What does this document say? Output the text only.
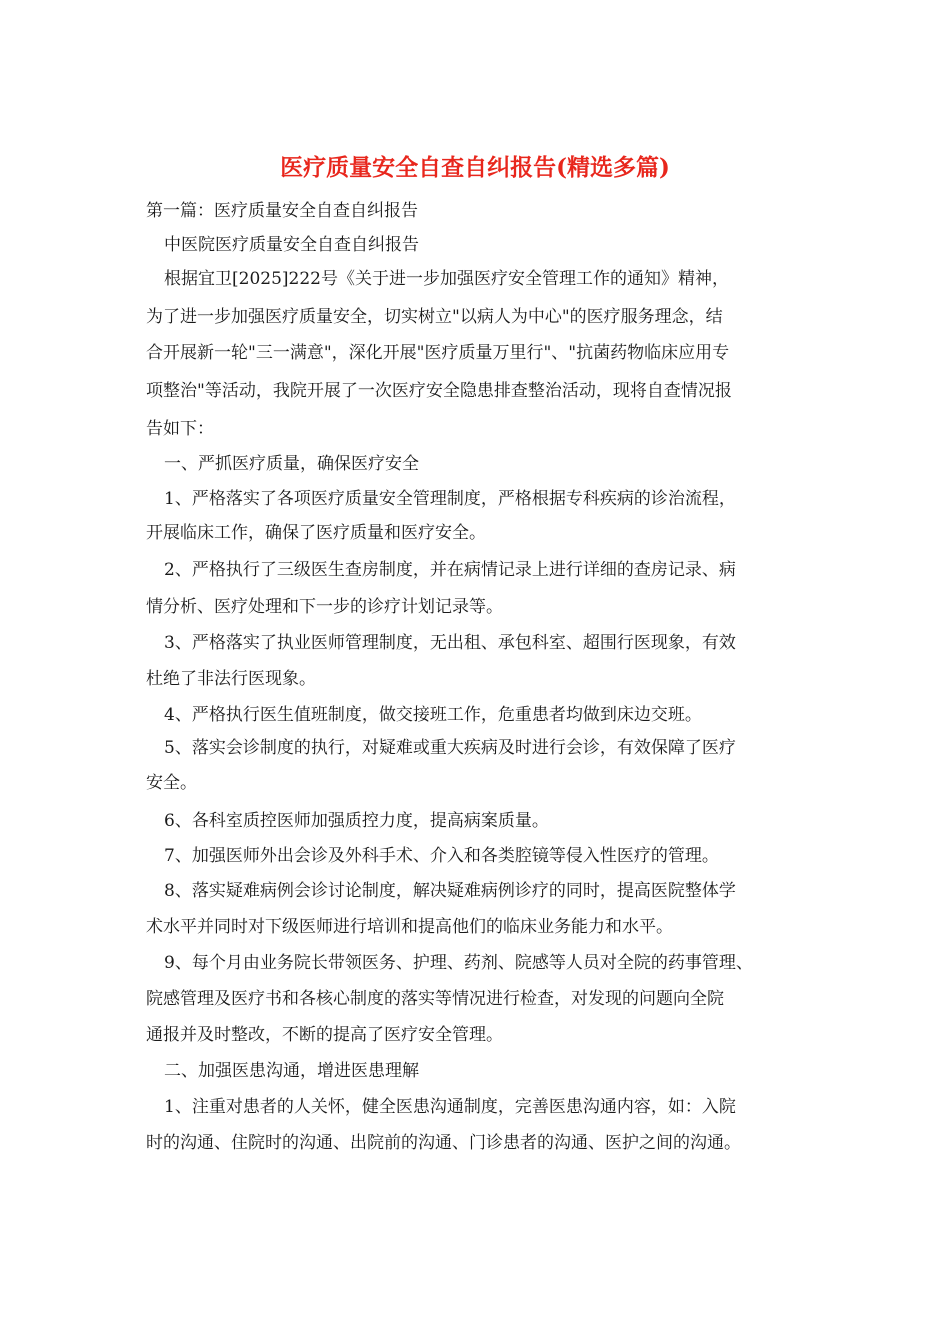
医疗质量安全自查自纠报告(精选多篇)
第一篇：医疗质量安全自查自纠报告
中医院医疗质量安全自查自纠报告
根据宜卫[2025]222号《关于进一步加强医疗安全管理工作的通知》精神，
为了进一步加强医疗质量安全，切实树立"以病人为中心"的医疗服务理念，结
合开展新一轮"三一满意"，深化开展"医疗质量万里行"、"抗菌药物临床应用专
项整治"等活动，我院开展了一次医疗安全隐患排查整治活动，现将自查情况报
告如下：
一、严抓医疗质量，确保医疗安全
1、严格落实了各项医疗质量安全管理制度，严格根据专科疾病的诊治流程，
开展临床工作，确保了医疗质量和医疗安全。
2、严格执行了三级医生查房制度，并在病情记录上进行详细的查房记录、病
情分析、医疗处理和下一步的诊疗计划记录等。
3、严格落实了执业医师管理制度，无出租、承包科室、超围行医现象，有效
杜绝了非法行医现象。
4、严格执行医生值班制度，做交接班工作，危重患者均做到床边交班。
5、落实会诊制度的执行，对疑难或重大疾病及时进行会诊，有效保障了医疗
安全。
6、各科室质控医师加强质控力度，提高病案质量。
7、加强医师外出会诊及外科手术、介入和各类腔镜等侵入性医疗的管理。
8、落实疑难病例会诊讨论制度，解决疑难病例诊疗的同时，提高医院整体学
术水平并同时对下级医师进行培训和提高他们的临床业务能力和水平。
9、每个月由业务院长带领医务、护理、药剂、院感等人员对全院的药事管理、
院感管理及医疗书和各核心制度的落实等情况进行检查，对发现的问题向全院
通报并及时整改，不断的提高了医疗安全管理。
二、加强医患沟通，增进医患理解
1、注重对患者的人关怀，健全医患沟通制度，完善医患沟通内容，如：入院
时的沟通、住院时的沟通、出院前的沟通、门诊患者的沟通、医护之间的沟通。
